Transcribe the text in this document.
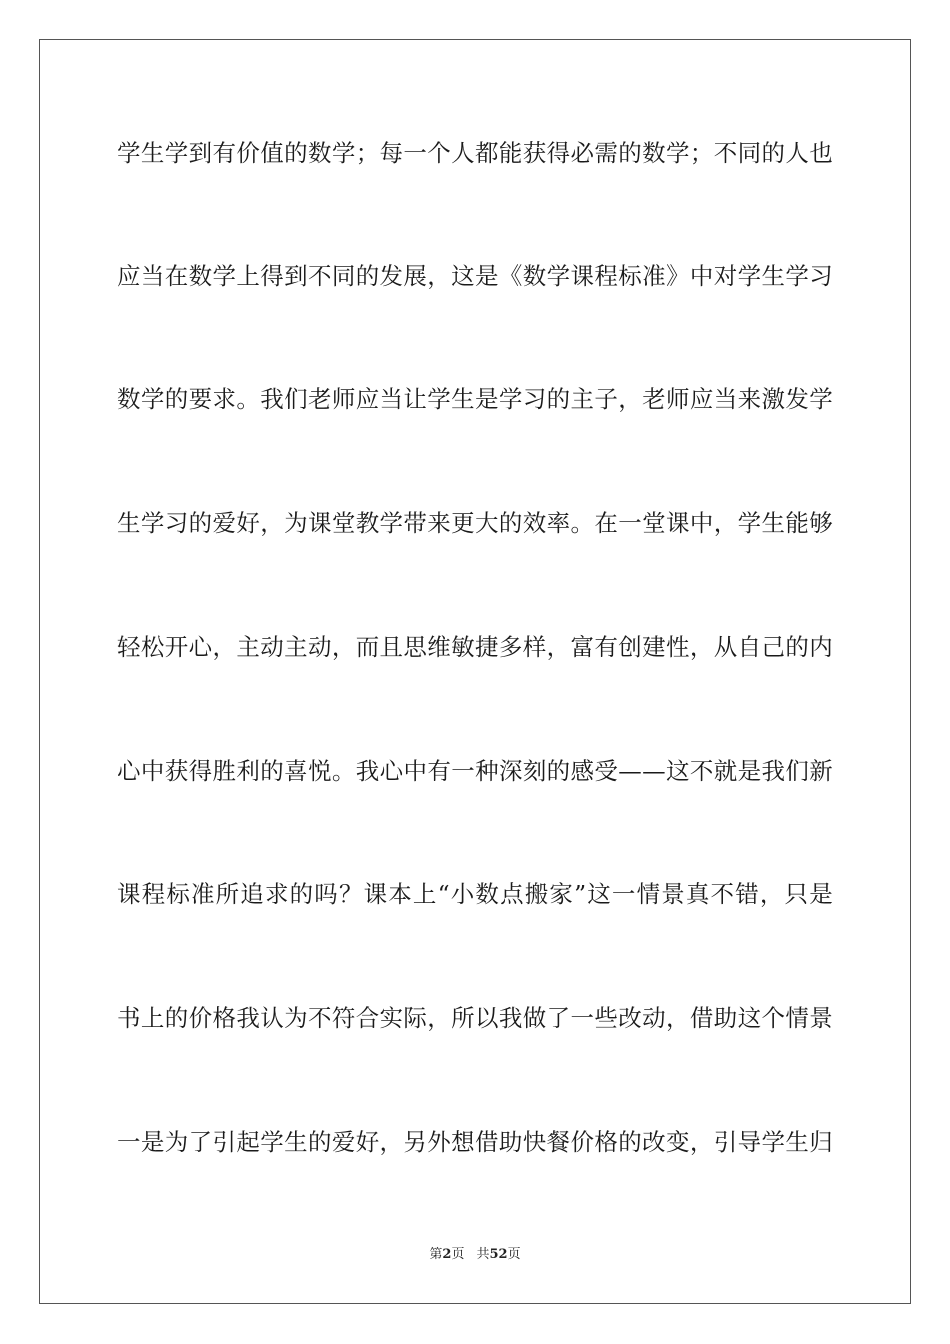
学生学到有价值的数学；每一个人都能获得必需的数学；不同的人也
应当在数学上得到不同的发展，这是《数学课程标准》中对学生学习
数学的要求。我们老师应当让学生是学习的主子，老师应当来激发学
生学习的爱好，为课堂教学带来更大的效率。在一堂课中，学生能够
轻松开心，主动主动，而且思维敏捷多样，富有创建性，从自己的内
心中获得胜利的喜悦。我心中有一种深刻的感受——这不就是我们新
课程标准所追求的吗？课本上“小数点搬家”这一情景真不错，只是
书上的价格我认为不符合实际，所以我做了一些改动，借助这个情景
一是为了引起学生的爱好，另外想借助快餐价格的改变，引导学生归
第2页 共52页
